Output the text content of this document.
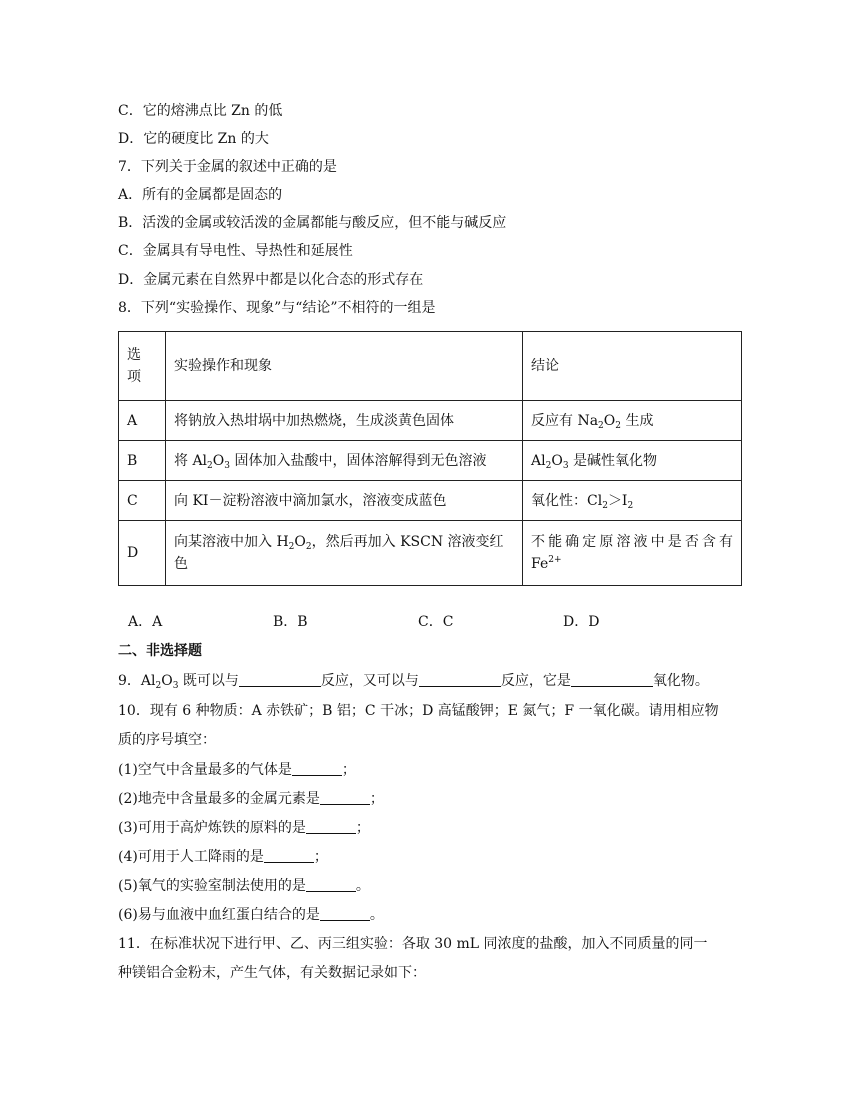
C．它的熔沸点比 Zn 的低
D．它的硬度比 Zn 的大
7．下列关于金属的叙述中正确的是
A．所有的金属都是固态的
B．活泼的金属或较活泼的金属都能与酸反应，但不能与碱反应
C．金属具有导电性、导热性和延展性
D．金属元素在自然界中都是以化合态的形式存在
8．下列“实验操作、现象”与“结论”不相符的一组是
选
项	实验操作和现象	结论
A	将钠放入热坩埚中加热燃烧，生成淡黄色固体	反应有 $Na_2O_2$ 生成
B	将 $Al_2O_3$ 固体加入盐酸中，固体溶解得到无色溶液	$Al_2O_3$ 是碱性氧化物
C	向 KI－淀粉溶液中滴加氯水，溶液变成蓝色	氧化性：$Cl_2>I_2$
D	向某溶液中加入 $H_2O_2$，然后再加入 KSCN 溶液变红色	不能确定原溶液中是否含有
$Fe^{2+}$
A．A	B．B	C．C	D．D
二、非选择题
9．$Al_2O_3$ 既可以与	反应，又可以与	反应，它是	氧化物。
10．现有 6 种物质：A 赤铁矿；B 铝；C 干冰；D 高锰酸钾；E 氮气；F 一氧化碳。请用相应物
质的序号填空：
(1)空气中含量最多的气体是	；
(2)地壳中含量最多的金属元素是	；
(3)可用于高炉炼铁的原料的是	；
(4)可用于人工降雨的是	；
(5)氧气的实验室制法使用的是	。
(6)易与血液中血红蛋白结合的是	。
11．在标准状况下进行甲、乙、丙三组实验：各取 30 mL 同浓度的盐酸，加入不同质量的同一
种镁铝合金粉末，产生气体，有关数据记录如下：
